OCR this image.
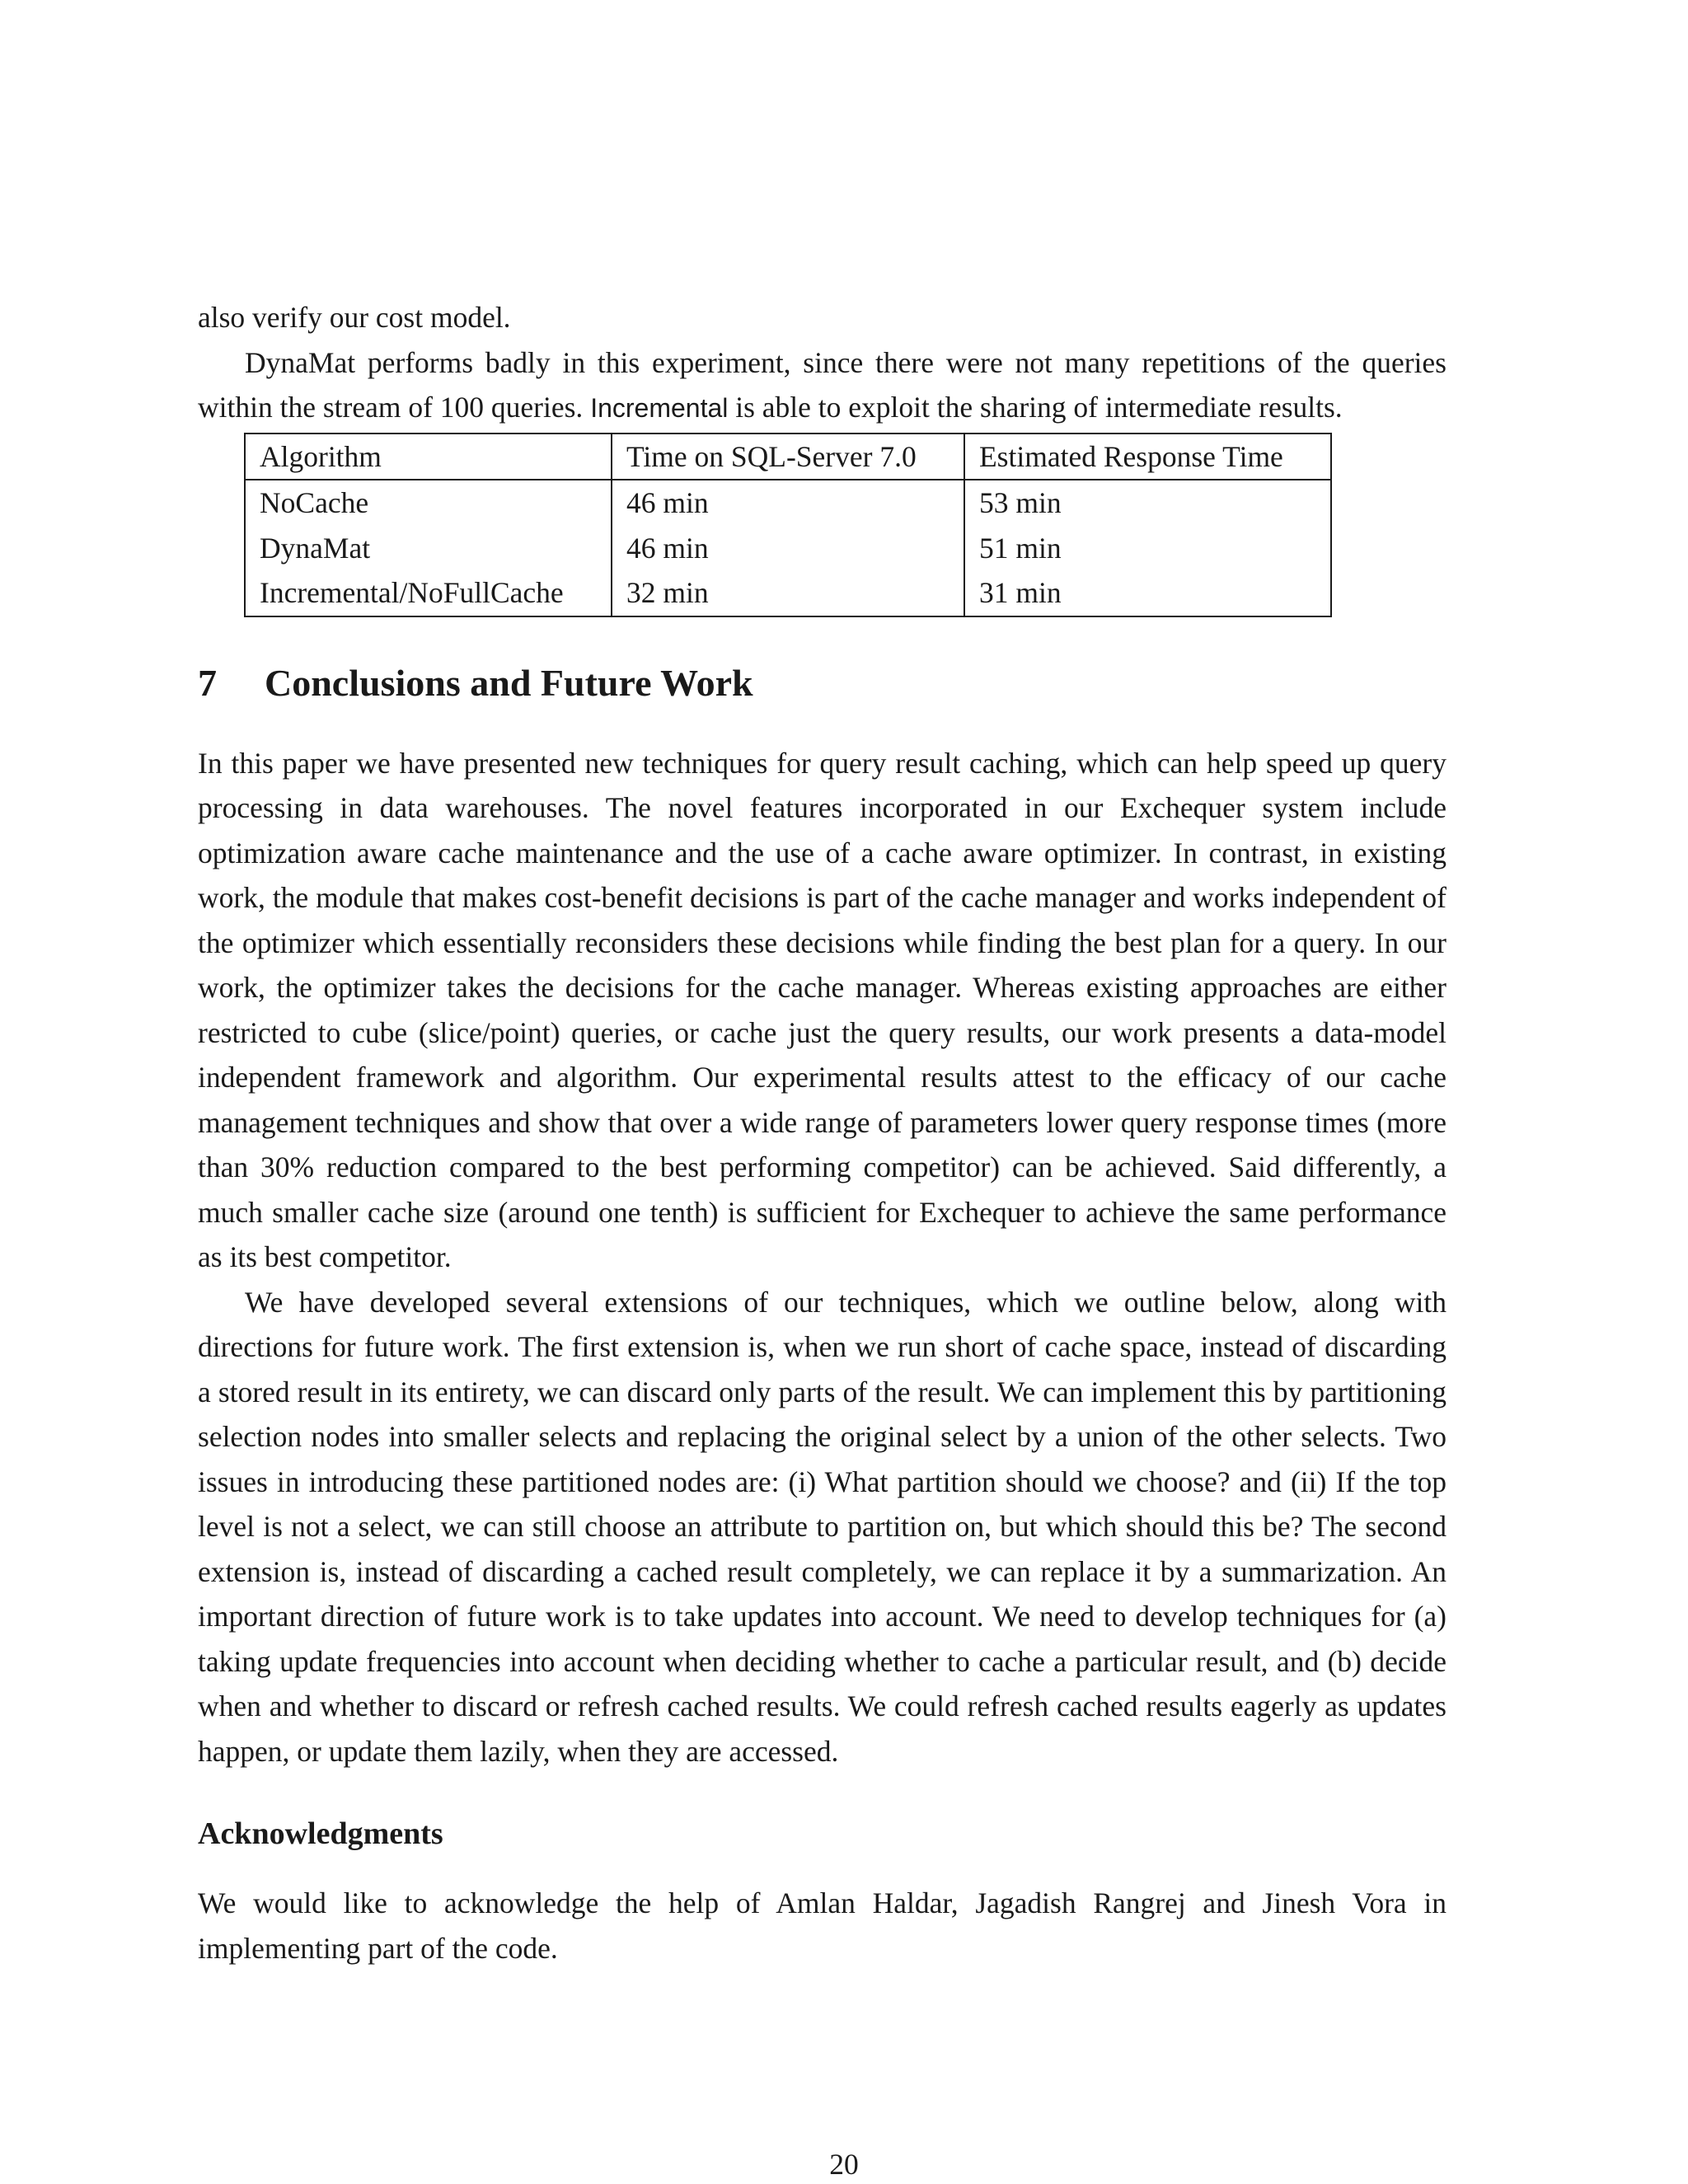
also verify our cost model.

DynaMat performs badly in this experiment, since there were not many repetitions of the queries within the stream of 100 queries. Incremental is able to exploit the sharing of intermediate results.

Algorithm	Time on SQL-Server 7.0	Estimated Response Time
NoCache	46 min	53 min
DynaMat	46 min	51 min
Incremental/NoFullCache	32 min	31 min
7 Conclusions and Future Work

In this paper we have presented new techniques for query result caching, which can help speed up query processing in data warehouses. The novel features incorporated in our Exchequer system include optimization aware cache maintenance and the use of a cache aware optimizer. In contrast, in existing work, the module that makes cost-benefit decisions is part of the cache manager and works independent of the optimizer which essentially reconsiders these decisions while finding the best plan for a query. In our work, the optimizer takes the decisions for the cache manager. Whereas existing approaches are either restricted to cube (slice/point) queries, or cache just the query results, our work presents a data-model independent framework and algorithm. Our experimental results attest to the efficacy of our cache management techniques and show that over a wide range of parameters lower query response times (more than 30% reduction compared to the best performing competitor) can be achieved. Said differently, a much smaller cache size (around one tenth) is sufficient for Exchequer to achieve the same performance as its best competitor.

We have developed several extensions of our techniques, which we outline below, along with directions for future work. The first extension is, when we run short of cache space, instead of discarding a stored result in its entirety, we can discard only parts of the result. We can implement this by partitioning selection nodes into smaller selects and replacing the original select by a union of the other selects. Two issues in introducing these partitioned nodes are: (i) What partition should we choose? and (ii) If the top level is not a select, we can still choose an attribute to partition on, but which should this be? The second extension is, instead of discarding a cached result completely, we can replace it by a summarization. An important direction of future work is to take updates into account. We need to develop techniques for (a) taking update frequencies into account when deciding whether to cache a particular result, and (b) decide when and whether to discard or refresh cached results. We could refresh cached results eagerly as updates happen, or update them lazily, when they are accessed.

Acknowledgments

We would like to acknowledge the help of Amlan Haldar, Jagadish Rangrej and Jinesh Vora in implementing part of the code.

20
